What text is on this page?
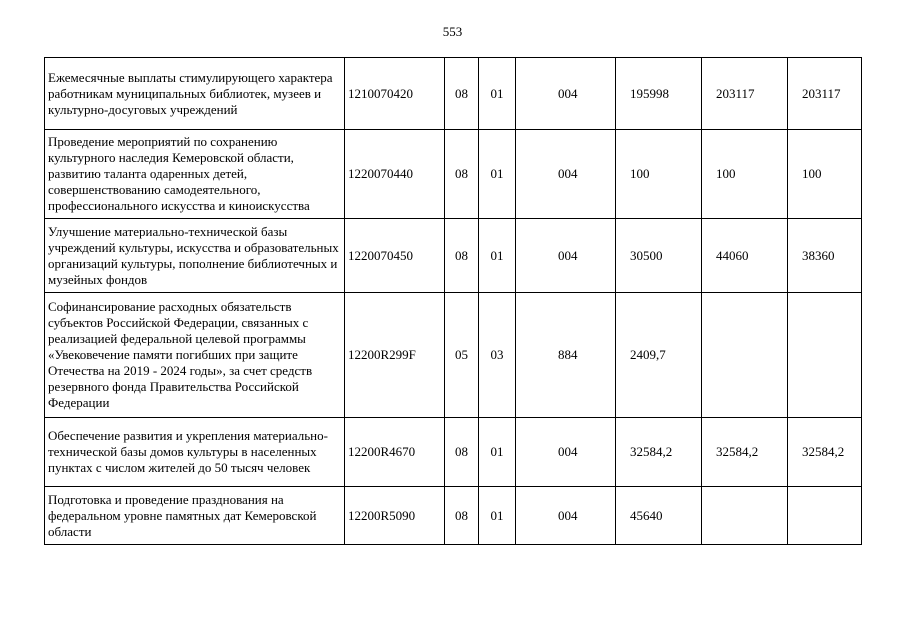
553
Ежемесячные выплаты стимулирующего характера работникам муниципальных библиотек, музеев и культурно-досуговых учреждений	1210070420	08	01	004	195998	203117	203117
Проведение мероприятий по сохранению культурного наследия Кемеровской области, развитию таланта одаренных детей, совершенствованию самодеятельного, профессионального искусства и киноискусства	1220070440	08	01	004	100	100	100
Улучшение материально-технической базы учреждений культуры, искусства и образовательных организаций культуры, пополнение библиотечных и музейных фондов	1220070450	08	01	004	30500	44060	38360
Софинансирование расходных обязательств субъектов Российской Федерации, связанных с реализацией федеральной целевой программы «Увековечение памяти погибших при защите Отечества на 2019 - 2024 годы», за счет средств резервного фонда Правительства Российской Федерации	12200R299F	05	03	884	2409,7		
Обеспечение развития и укрепления материально-технической базы домов культуры в населенных пунктах с числом жителей до 50 тысяч человек	12200R4670	08	01	004	32584,2	32584,2	32584,2
Подготовка и проведение празднования на федеральном уровне памятных дат Кемеровской области	12200R5090	08	01	004	45640		
